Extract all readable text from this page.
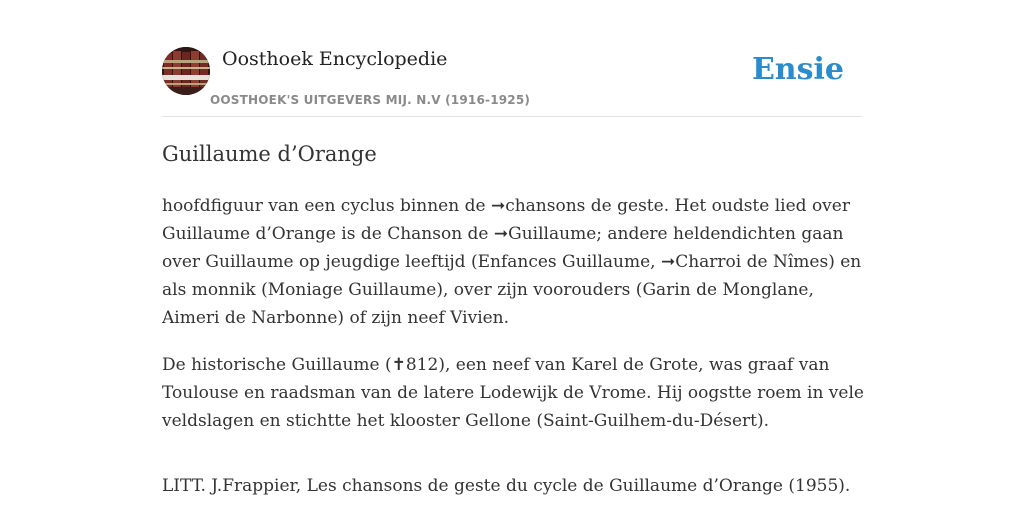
Oosthoek Encyclopedie
OOSTHOEK'S UITGEVERS MIJ. N.V (1916-1925)
Ensie
Guillaume d’Orange

hoofdfiguur van een cyclus binnen de ➞chansons de geste. Het oudste lied over Guillaume d’Orange is de Chanson de ➞Guillaume; andere heldendichten gaan over Guillaume op jeugdige leeftijd (Enfances Guillaume, ➞Charroi de Nîmes) en als monnik (Moniage Guillaume), over zijn voorouders (Garin de Monglane, Aimeri de Narbonne) of zijn neef Vivien.

De historische Guillaume (✝812), een neef van Karel de Grote, was graaf van Toulouse en raadsman van de latere Lodewijk de Vrome. Hij oogstte roem in vele veldslagen en stichtte het klooster Gellone (Saint-Guilhem-du-Désert).

LITT. J.Frappier, Les chansons de geste du cycle de Guillaume d’Orange (1955).
